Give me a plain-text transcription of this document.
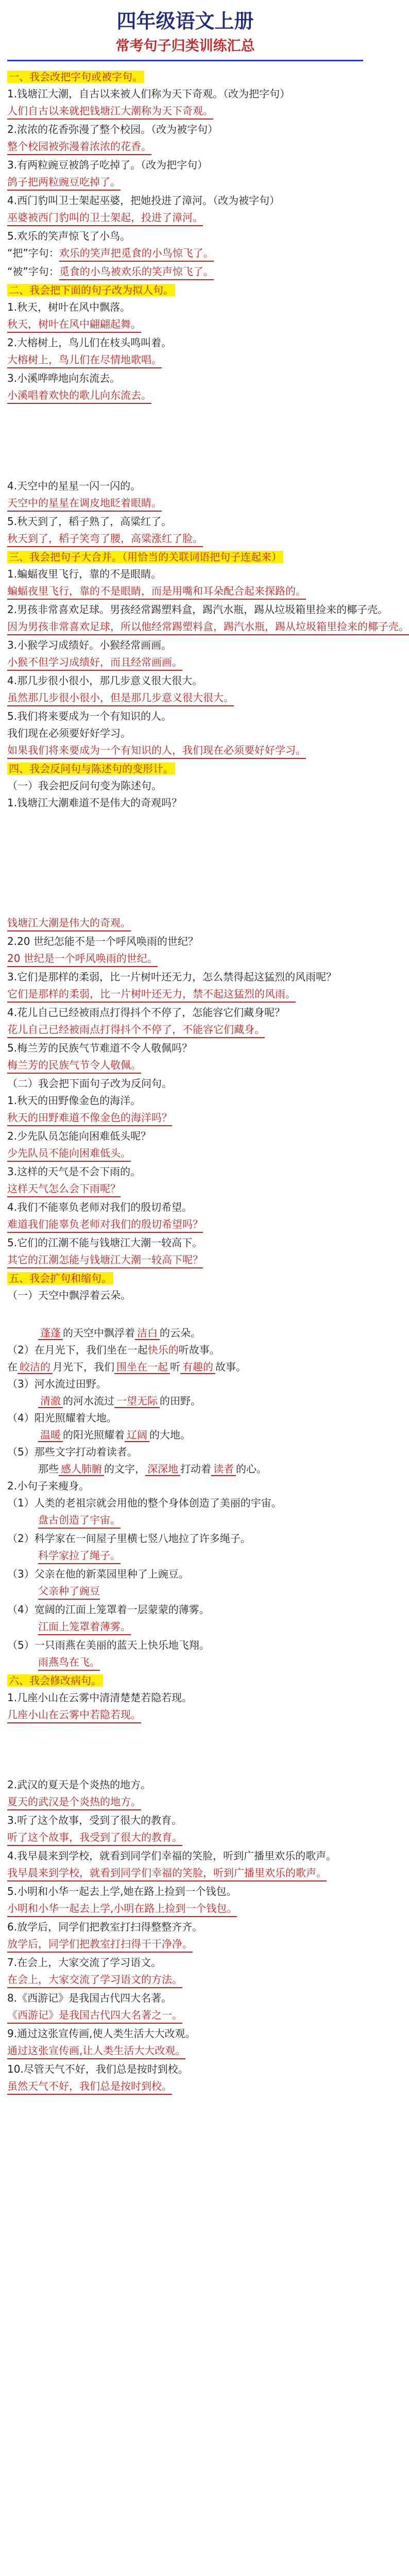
四年级语文上册
常考句子归类训练汇总
一、我会改把字句或被字句。
1.钱塘江大潮，自古以来被人们称为天下奇观。（改为把字句）
人们自古以来就把钱塘江大潮称为天下奇观。
2.浓浓的花香弥漫了整个校园。（改为被字句）
整个校园被弥漫着浓浓的花香。
3.有两粒豌豆被鸽子吃掉了。（改为把字句）
鸽子把两粒豌豆吃掉了。
4.西门豹叫卫士架起巫婆，把她投进了漳河。（改为被字句）
巫婆被西门豹叫的卫士架起，投进了漳河。
5.欢乐的笑声惊飞了小鸟。
“把”字句：欢乐的笑声把觅食的小鸟惊飞了。
“被”字句：觅食的小鸟被欢乐的笑声惊飞了。
二、我会把下面的句子改为拟人句。
1.秋天，树叶在风中飘落。
秋天，树叶在风中翩翩起舞。
2.大榕树上，鸟儿们在枝头鸣叫着。
大榕树上，鸟儿们在尽情地歌唱。
3.小溪哗哗地向东流去。
小溪唱着欢快的歌儿向东流去。
4.天空中的星星一闪一闪的。
天空中的星星在调皮地眨着眼睛。
5.秋天到了，稻子熟了，高粱红了。
秋天到了，稻子笑弯了腰，高粱涨红了脸。
三、我会把句子大合并。（用恰当的关联词语把句子连起来）
1.蝙蝠夜里飞行，靠的不是眼睛。
蝙蝠夜里飞行，靠的不是眼睛，而是用嘴和耳朵配合起来探路的。
2.男孩非常喜欢足球。男孩经常踢塑料盒，踢汽水瓶，踢从垃圾箱里捡来的椰子壳。
因为男孩非常喜欢足球，所以他经常踢塑料盒，踢汽水瓶，踢从垃圾箱里捡来的椰子壳。
3.小猴学习成绩好。小猴经常画画。
小猴不但学习成绩好，而且经常画画。
4.那几步很小很小，那几步意义很大很大。
虽然那几步很小很小，但是那几步意义很大很大。
5.我们将来要成为一个有知识的人。
我们现在必须要好好学习。
如果我们将来要成为一个有知识的人，我们现在必须要好好学习。
四、我会反问句与陈述句的变形计。
（一）我会把反问句变为陈述句。
1.钱塘江大潮难道不是伟大的奇观吗？
钱塘江大潮是伟大的奇观。
2.20 世纪怎能不是一个呼风唤雨的世纪？
20 世纪是一个呼风唤雨的世纪。
3.它们是那样的柔弱，比一片树叶还无力，怎么禁得起这猛烈的风雨呢？
它们是那样的柔弱，比一片树叶还无力，禁不起这猛烈的风雨。
4.花儿自己已经被雨点打得抖个不停了，怎能容它们藏身呢？
花儿自己已经被雨点打得抖个不停了，不能容它们藏身。
5.梅兰芳的民族气节难道不令人敬佩吗？
梅兰芳的民族气节令人敬佩。
（二）我会把下面句子改为反问句。
1.秋天的田野像金色的海洋。
秋天的田野难道不像金色的海洋吗？
2.少先队员怎能向困难低头呢？
少先队员不能向困难低头。
3.这样的天气是不会下雨的。
这样天气怎么会下雨呢？
4.我们不能辜负老师对我们的殷切希望。
难道我们能辜负老师对我们的殷切希望吗？
5.它们的江潮不能与钱塘江大潮一较高下。
其它的江潮怎能与钱塘江大潮一较高下呢？
五、我会扩句和缩句。
（一）天空中飘浮着云朵。
蓬蓬 的天空中飘浮着 洁白 的云朵。
（2）在月光下，我们坐在一起快乐的听故事。
在 皎洁的 月光下，我们 围坐在一起 听 有趣的 故事。
（3）河水流过田野。
清澈 的河水流过 一望无际 的田野。
（4）阳光照耀着大地。
温暖 的阳光照耀着 辽阔 的大地。
（5）那些文字打动着读者。
那些 感人肺腑 的文字， 深深地 打动着 读者 的心。
2.小句子来瘦身。
（1）人类的老祖宗就会用他的整个身体创造了美丽的宇宙。
盘古创造了宇宙。
（2）科学家在一间屋子里横七竖八地拉了许多绳子。
科学家拉了绳子。
（3）父亲在他的新菜园里种了上豌豆。
父亲种了豌豆
（4）宽阔的江面上笼罩着一层蒙蒙的薄雾。
江面上笼罩着薄雾。
（5）一只雨燕在美丽的蓝天上快乐地飞翔。
雨燕鸟在飞。
六、我会修改病句。
1.几座小山在云雾中清清楚楚若隐若现。
几座小山在云雾中若隐若现。
2.武汉的夏天是个炎热的地方。
夏天的武汉是个炎热的地方。
3.听了这个故事，受到了很大的教育。
听了这个故事，我受到了很大的教育。
4.我早晨来到学校，就看到同学们幸福的笑脸，听到广播里欢乐的歌声。
我早晨来到学校，就看到同学们幸福的笑脸，听到广播里欢乐的歌声。
5.小明和小华一起去上学,她在路上捡到一个钱包。
小明和小华一起去上学,小明在路上捡到一个钱包。
6.放学后，同学们把教室打扫得整整齐齐。
放学后，同学们把教室打扫得干干净净。
7.在会上，大家交流了学习语文。
在会上，大家交流了学习语文的方法。
8.《西游记》是我国古代四大名著。
《西游记》是我国古代四大名著之一。
9.通过这张宣传画,使人类生活大大改观。
通过这张宣传画,让人类生活大大改观。
10.尽管天气不好，我们总是按时到校。
虽然天气不好，我们总是按时到校。
